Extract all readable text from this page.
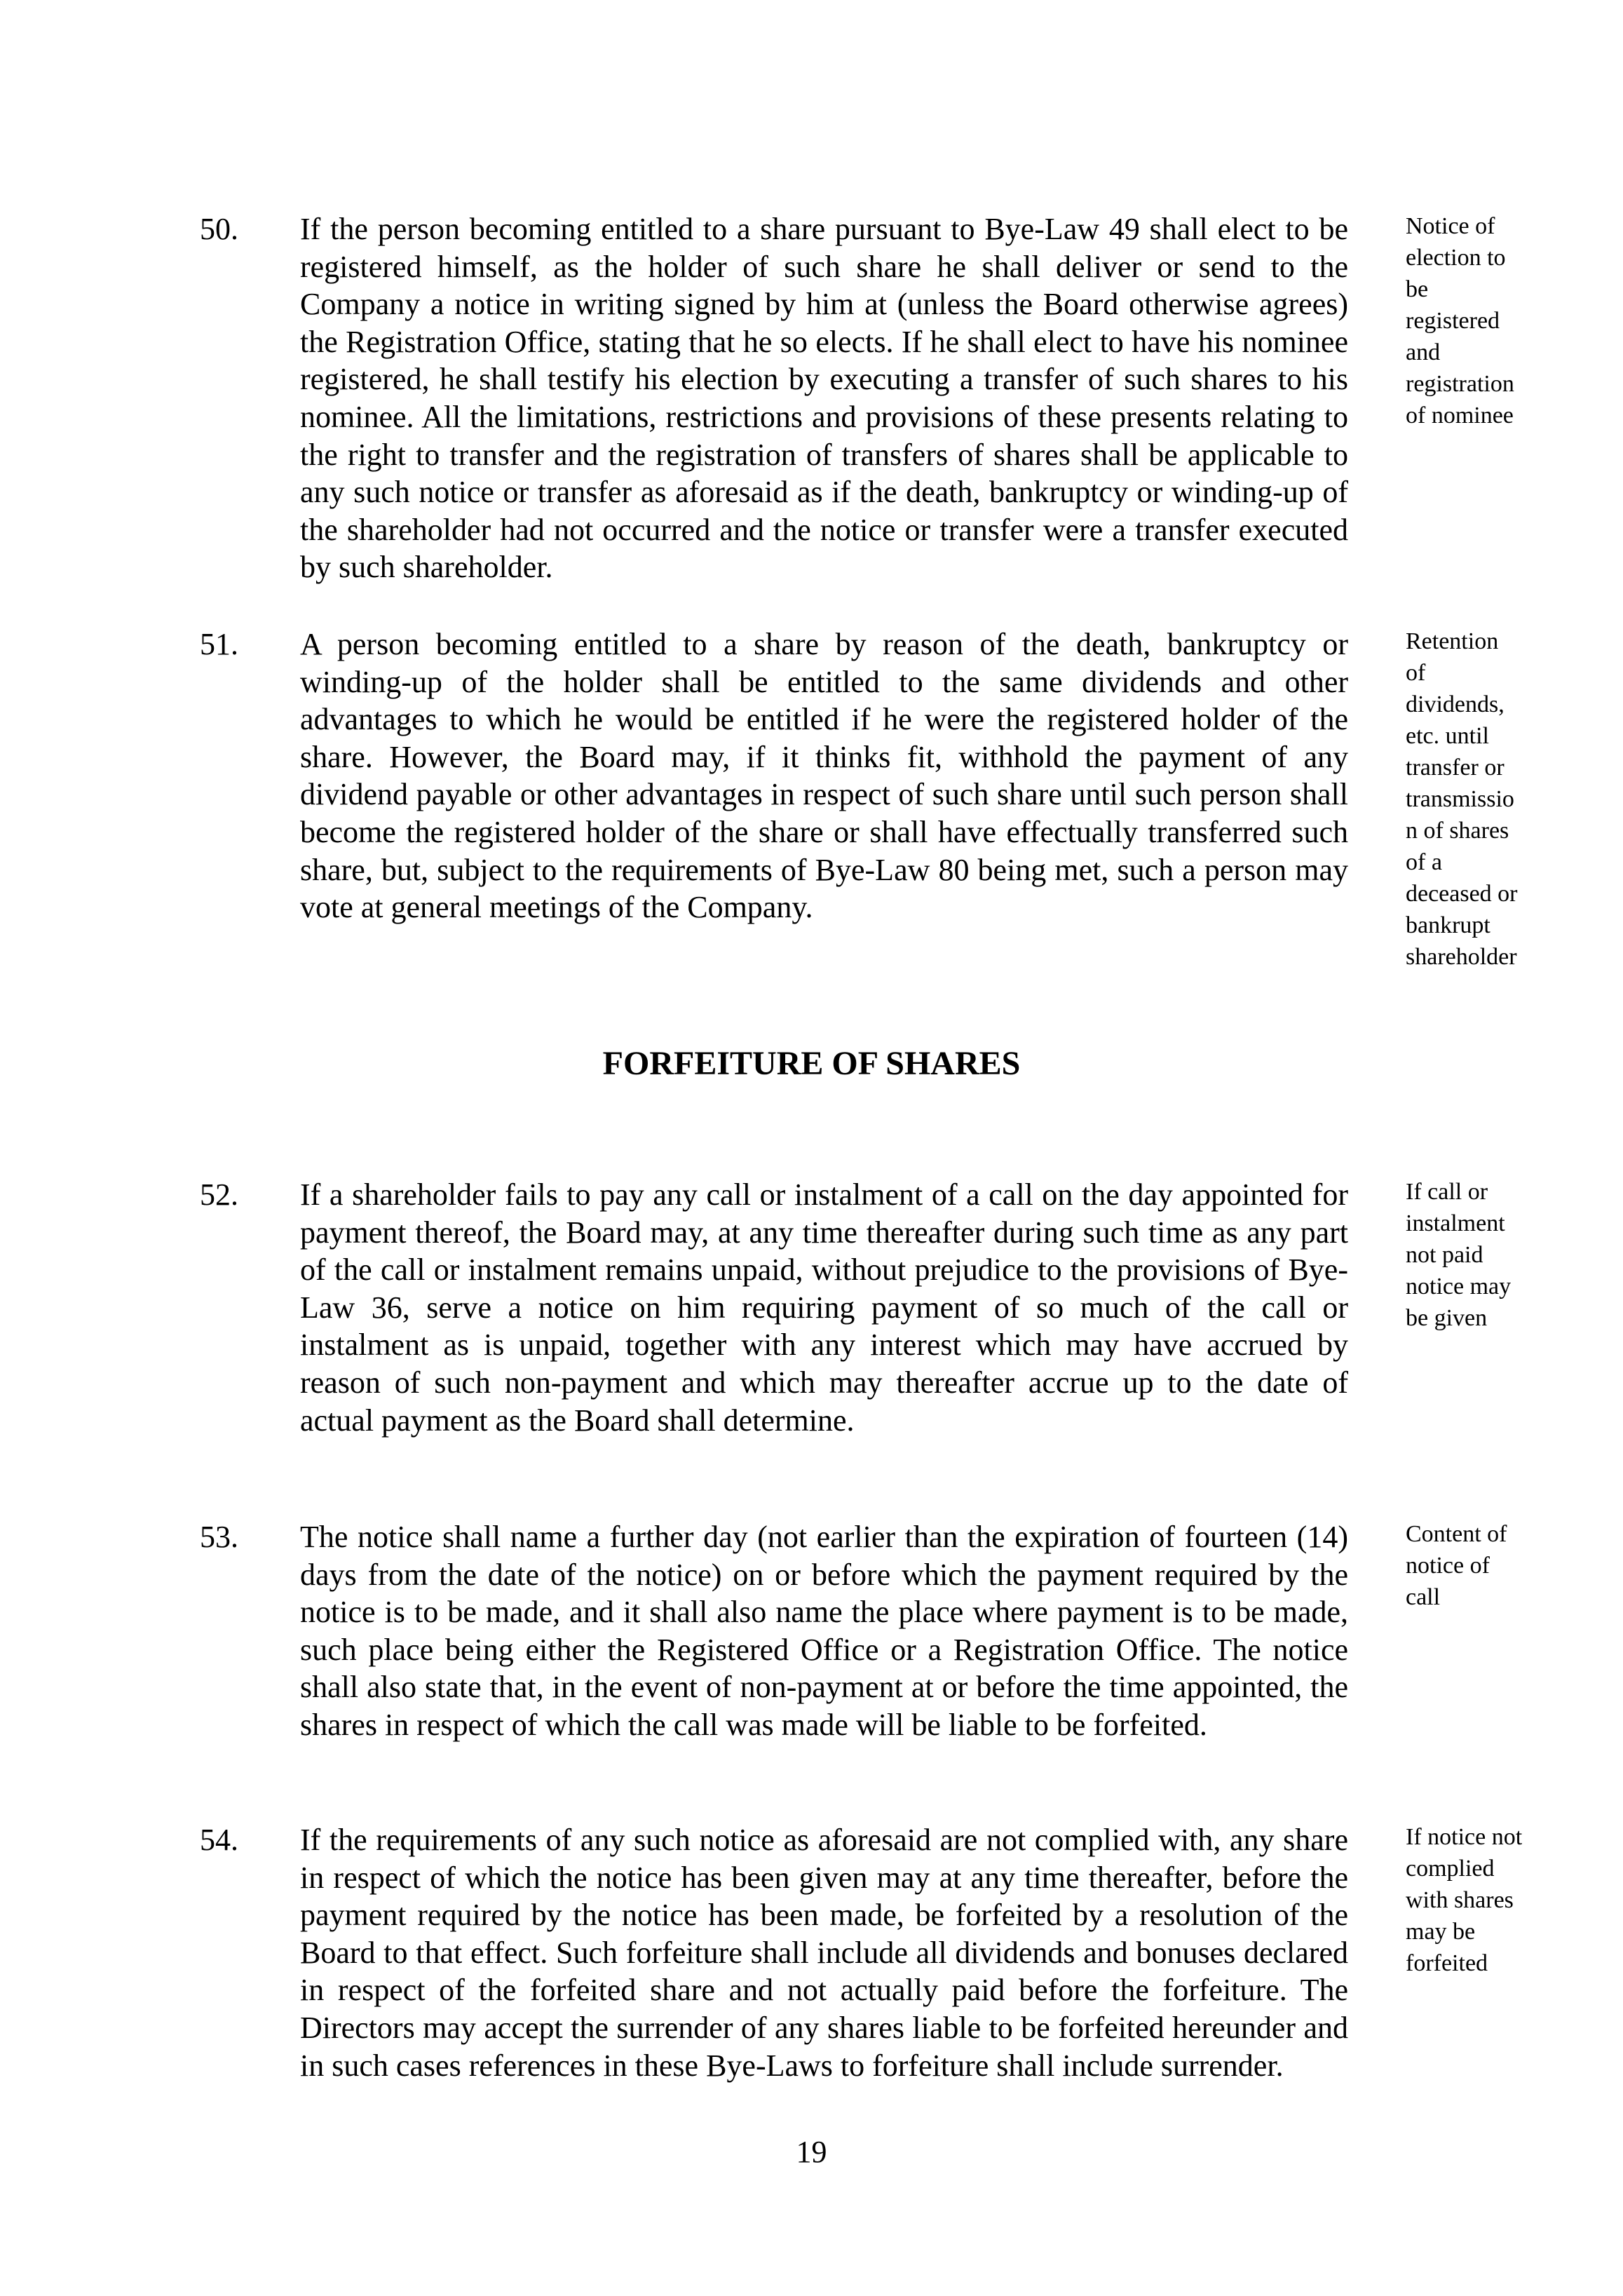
50. If the person becoming entitled to a share pursuant to Bye-Law 49 shall elect to be registered himself, as the holder of such share he shall deliver or send to the Company a notice in writing signed by him at (unless the Board otherwise agrees) the Registration Office, stating that he so elects. If he shall elect to have his nominee registered, he shall testify his election by executing a transfer of such shares to his nominee. All the limitations, restrictions and provisions of these presents relating to the right to transfer and the registration of transfers of shares shall be applicable to any such notice or transfer as aforesaid as if the death, bankruptcy or winding-up of the shareholder had not occurred and the notice or transfer were a transfer executed by such shareholder.

Notice of
election to
be
registered
and
registration
of nominee
51. A person becoming entitled to a share by reason of the death, bankruptcy or winding-up of the holder shall be entitled to the same dividends and other advantages to which he would be entitled if he were the registered holder of the share. However, the Board may, if it thinks fit, withhold the payment of any dividend payable or other advantages in respect of such share until such person shall become the registered holder of the share or shall have effectually transferred such share, but, subject to the requirements of Bye-Law 80 being met, such a person may vote at general meetings of the Company.

Retention
of
dividends,
etc. until
transfer or
transmissio
n of shares
of a
deceased or
bankrupt
shareholder
FORFEITURE OF SHARES
52. If a shareholder fails to pay any call or instalment of a call on the day appointed for payment thereof, the Board may, at any time thereafter during such time as any part of the call or instalment remains unpaid, without prejudice to the provisions of Bye-Law 36, serve a notice on him requiring payment of so much of the call or instalment as is unpaid, together with any interest which may have accrued by reason of such non-payment and which may thereafter accrue up to the date of actual payment as the Board shall determine.

If call or
instalment
not paid
notice may
be given
53. The notice shall name a further day (not earlier than the expiration of fourteen (14) days from the date of the notice) on or before which the payment required by the notice is to be made, and it shall also name the place where payment is to be made, such place being either the Registered Office or a Registration Office. The notice shall also state that, in the event of non-payment at or before the time appointed, the shares in respect of which the call was made will be liable to be forfeited.

Content of
notice of
call
54. If the requirements of any such notice as aforesaid are not complied with, any share in respect of which the notice has been given may at any time thereafter, before the payment required by the notice has been made, be forfeited by a resolution of the Board to that effect. Such forfeiture shall include all dividends and bonuses declared in respect of the forfeited share and not actually paid before the forfeiture. The Directors may accept the surrender of any shares liable to be forfeited hereunder and in such cases references in these Bye-Laws to forfeiture shall include surrender.

If notice not
complied
with shares
may be
forfeited
19
